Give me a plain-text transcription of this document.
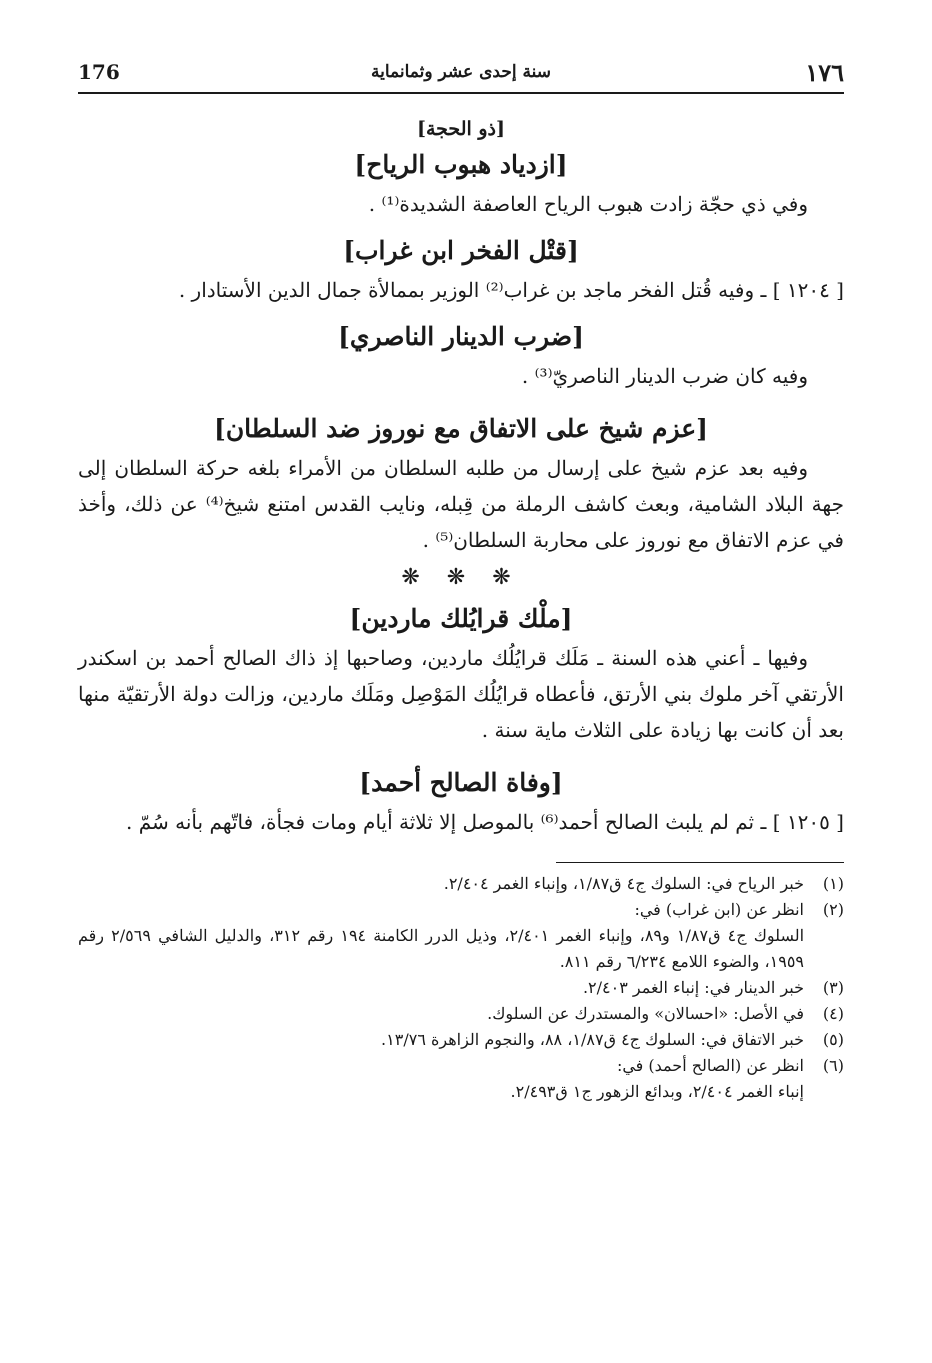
١٧٦
سنة إحدى عشر وثمانماية
176
[ذو الحجة]
[ازدياد هبوب الرياح]

وفي ذي حجّة زادت هبوب الرياح العاصفة الشديدة⁽¹⁾ .

[قتْل الفخر ابن غراب]

[ ١٢٠٤ ] ـ وفيه قُتل الفخر ماجد بن غراب⁽²⁾ الوزير بممالأة جمال الدين الأستادار .

[ضرب الدينار الناصري]

وفيه كان ضرب الدينار الناصريّ⁽³⁾ .

[عزم شيخ على الاتفاق مع نوروز ضد السلطان]

وفيه بعد عزم شيخ على إرسال من طلبه السلطان من الأمراء بلغه حركة السلطان إلى جهة البلاد الشامية، وبعث كاشف الرملة من قِبله، ونايب القدس امتنع شيخ⁽⁴⁾ عن ذلك، وأخذ في عزم الاتفاق مع نوروز على محاربة السلطان⁽⁵⁾ .

❋ ❋ ❋
[ملْك قرايُلك ماردين]

وفيها ـ أعني هذه السنة ـ مَلَك قرايُلُك ماردين، وصاحبها إذ ذاك الصالح أحمد بن اسكندر الأرتقي آخر ملوك بني الأرتق، فأعطاه قرايُلُك المَوْصِل ومَلَك ماردين، وزالت دولة الأرتقيّة منها بعد أن كانت بها زيادة على الثلاث ماية سنة .

[وفاة الصالح أحمد]

[ ١٢٠٥ ] ـ ثم لم يلبث الصالح أحمد⁽⁶⁾ بالموصل إلا ثلاثة أيام ومات فجأة، فاتّهم بأنه سُمّ .

(١)
خبر الرياح في: السلوك ج٤ ق١/٨٧، وإنباء الغمر ٢/٤٠٤.
(٢)
انظر عن (ابن غراب) في:
السلوك ج٤ ق١/٨٧ و٨٩، وإنباء الغمر ٢/٤٠١، وذيل الدرر الكامنة ١٩٤ رقم ٣١٢، والدليل الشافي ٢/٥٦٩ رقم ١٩٥٩، والضوء اللامع ٦/٢٣٤ رقم ٨١١.
(٣)
خبر الدينار في: إنباء الغمر ٢/٤٠٣.
(٤)
في الأصل: «احسالان» والمستدرك عن السلوك.
(٥)
خبر الاتفاق في: السلوك ج٤ ق١/٨٧، ٨٨، والنجوم الزاهرة ١٣/٧٦.
(٦)
انظر عن (الصالح أحمد) في:
إنباء الغمر ٢/٤٠٤، وبدائع الزهور ج١ ق٢/٤٩٣.
